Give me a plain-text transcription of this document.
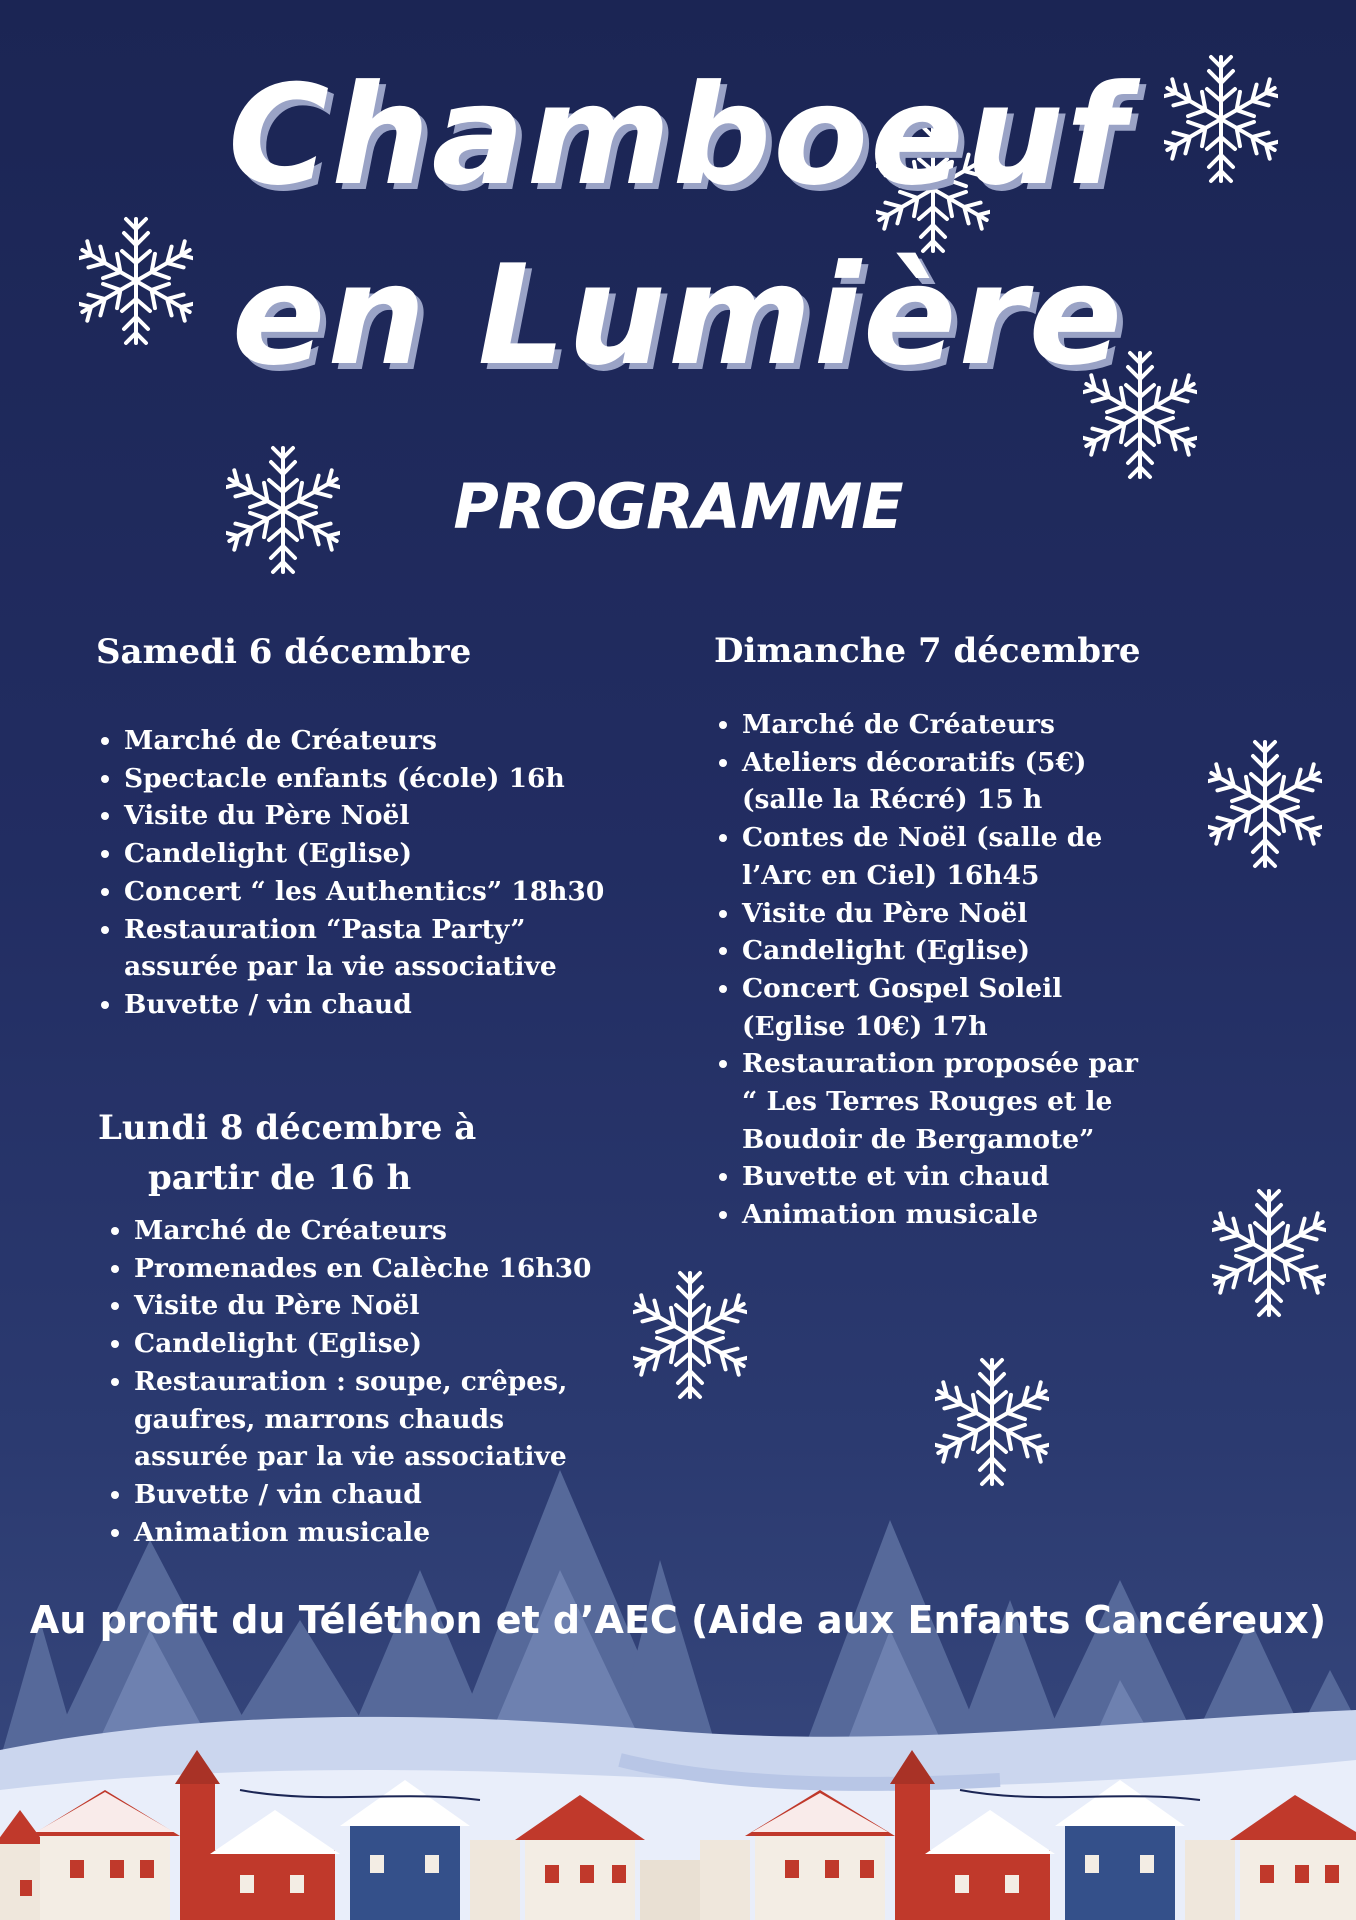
Chamboeuf
en Lumière
PROGRAMME
Samedi 6 décembre
• Marché de Créateurs
• Spectacle enfants (école) 16h
• Visite du Père Noël
• Candelight (Eglise)
• Concert “ les Authentics” 18h30
• Restauration “Pasta Party” assurée par la vie associative
• Buvette / vin chaud
Dimanche 7 décembre
• Marché de Créateurs
• Ateliers décoratifs (5€) (salle la Récré) 15 h
• Contes de Noël (salle de l’Arc en Ciel) 16h45
• Visite du Père Noël
• Candelight (Eglise)
• Concert Gospel Soleil (Eglise 10€) 17h
• Restauration proposée par “ Les Terres Rouges et le Boudoir de Bergamote”
• Buvette et vin chaud
• Animation musicale
Lundi 8 décembre à
partir de 16 h
• Marché de Créateurs
• Promenades en Calèche 16h30
• Visite du Père Noël
• Candelight (Eglise)
• Restauration : soupe, crêpes, gaufres, marrons chauds assurée par la vie associative
• Buvette / vin chaud
• Animation musicale

Au profit du Téléthon et d’AEC (Aide aux Enfants Cancéreux)
